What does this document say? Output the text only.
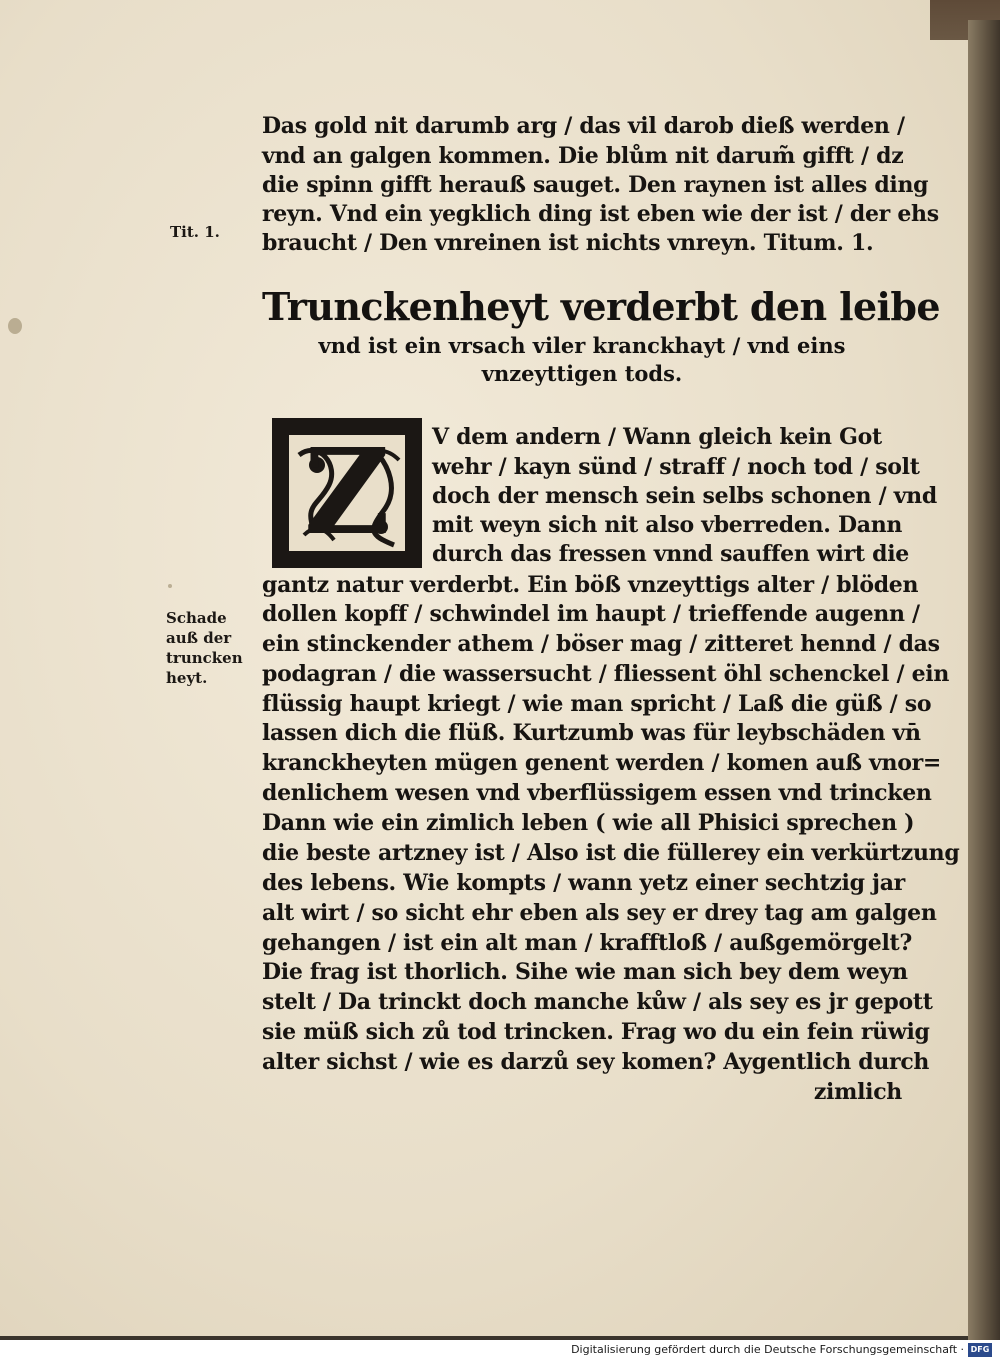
Das gold nit darumb arg / das vil darob dieß werden /
vnd an galgen kommen. Die blům nit darum̃ gifft / dz
die spinn gifft herauß sauget. Den raynen ist alles ding
reyn. Vnd ein yegklich ding ist eben wie der ist / der ehs
braucht / Den vnreinen ist nichts vnreyn. Titum. 1.
Tit. 1.
Trunckenheyt verderbt den leibe
vnd ist ein vrsach viler kranckhayt / vnd eins
vnzeyttigen tods.
Z	V dem andern / Wann gleich kein Got
wehr / kayn sünd / straff / noch tod / solt
doch der mensch sein selbs schonen / vnd
mit weyn sich nit also vberreden. Dann
durch das fressen vnnd sauffen wirt die
gantz natur verderbt. Ein böß vnzeyttigs alter / blöden
dollen kopff / schwindel im haupt / trieffende augenn /
ein stinckender athem / böser mag / zitteret hennd / das
podagran / die wassersucht / fliessent öhl schenckel / ein
flüssig haupt kriegt / wie man spricht / Laß die güß / so
lassen dich die flüß. Kurtzumb was für leybschäden vn̄
kranckheyten mügen genent werden / komen auß vnor=
denlichem wesen vnd vberflüssigem essen vnd trincken
Dann wie ein zimlich leben ( wie all Phisici sprechen )
die beste artzney ist / Also ist die füllerey ein verkürtzung
des lebens. Wie kompts / wann yetz einer sechtzig jar
alt wirt / so sicht ehr eben als sey er drey tag am galgen
gehangen / ist ein alt man / krafftloß / außgemörgelt?
Die frag ist thorlich. Sihe wie man sich bey dem weyn
stelt / Da trinckt doch manche kůw / als sey es jr gepott
sie müß sich zů tod trincken. Frag wo du ein fein rüwig
alter sichst / wie es darzů sey komen? Aygentlich durch
zimlich
Schade
auß der
truncken
heyt.
Digitalisierung gefördert durch die Deutsche Forschungsgemeinschaft · DFG
